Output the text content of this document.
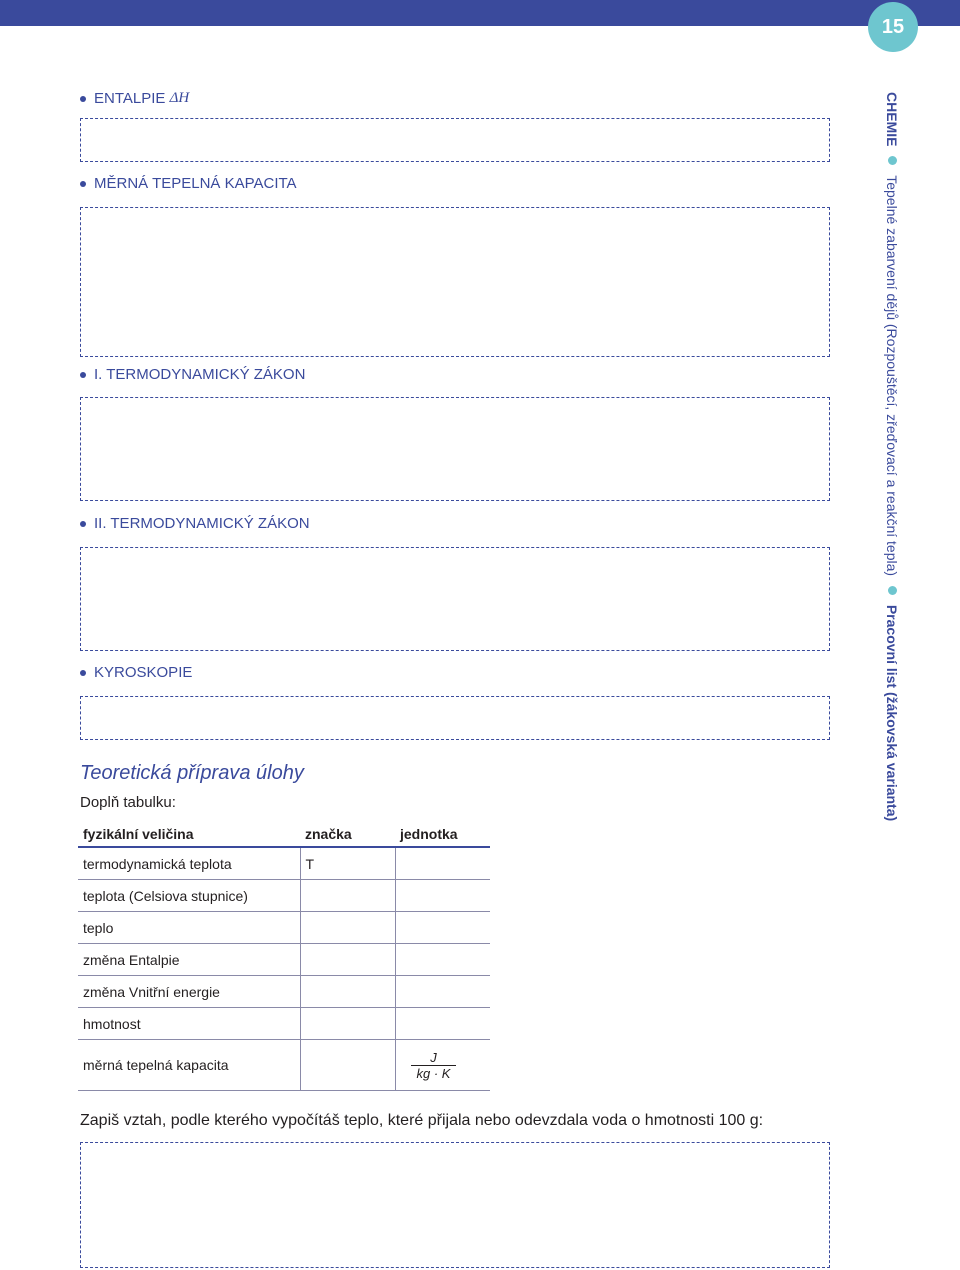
15
ENTALPIE
ΔH
MĚRNÁ TEPELNÁ KAPACITA
I. TERMODYNAMICKÝ ZÁKON
II. TERMODYNAMICKÝ ZÁKON
KYROSKOPIE
Teoretická příprava úlohy
Doplň tabulku:
fyzikální veličina	značka	jednotka
termodynamická teplota	T	
teplota (Celsiova stupnice)		
teplo		
změna Entalpie		
změna Vnitřní energie		
hmotnost		
měrná tepelná kapacita		$\frac{J}{kg \cdot K}$
Zapiš vztah, podle kterého vypočítáš teplo, které přijala nebo odevzdala voda o hmotnosti 100 g:
CHEMIE  Tepelné zabarvení dějů (Rozpouštěcí, zřeďovací a reakční tepla)  Pracovní list (žákovská varianta)
